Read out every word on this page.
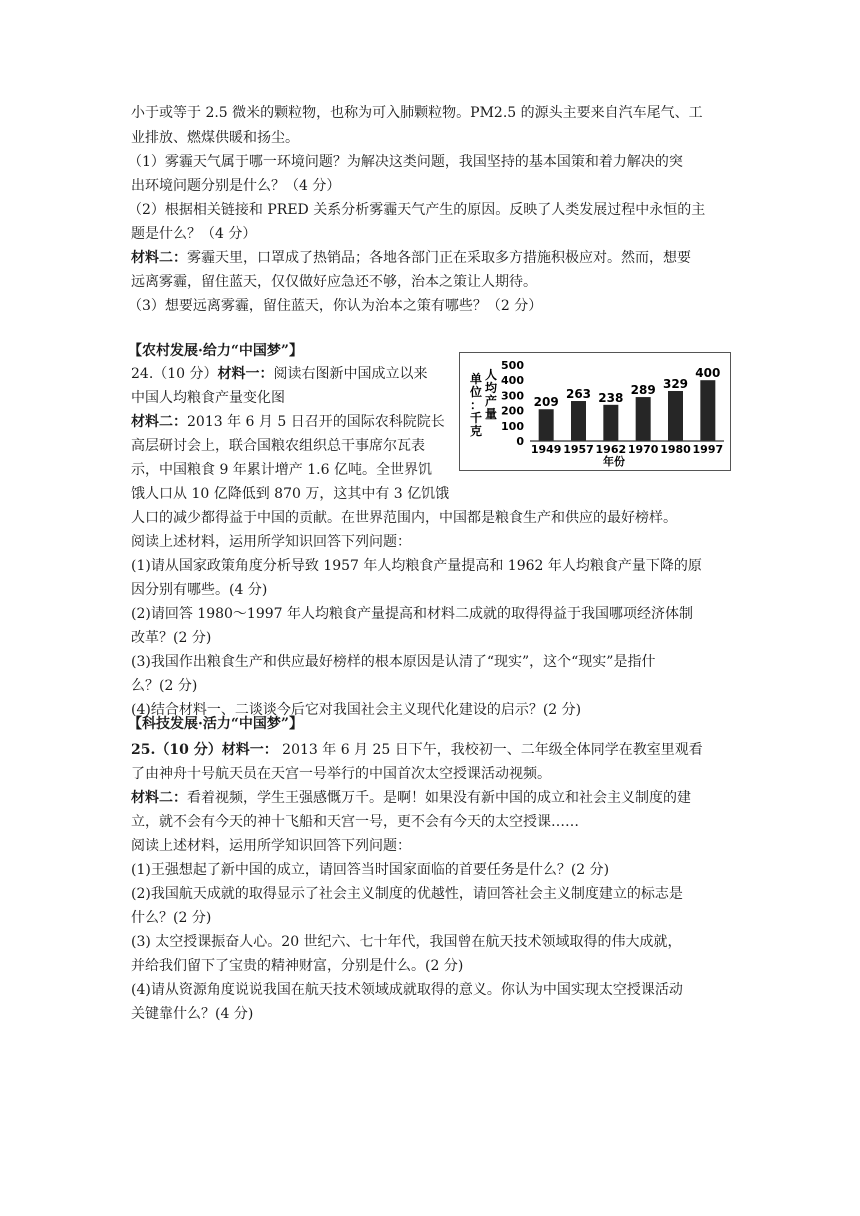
小于或等于 2.5 微米的颗粒物，也称为可入肺颗粒物。PM2.5 的源头主要来自汽车尾气、工
业排放、燃煤供暖和扬尘。
（1）雾霾天气属于哪一环境问题？为解决这类问题，我国坚持的基本国策和着力解决的突
出环境问题分别是什么？（4 分）
（2）根据相关链接和 PRED 关系分析雾霾天气产生的原因。反映了人类发展过程中永恒的主
题是什么？（4 分）
材料二：雾霾天里，口罩成了热销品；各地各部门正在采取多方措施积极应对。然而，想要
远离雾霾，留住蓝天，仅仅做好应急还不够，治本之策让人期待。
（3）想要远离雾霾，留住蓝天，你认为治本之策有哪些？（2 分）
【农村发展·给力“中国梦”】
24.（10 分）材料一：阅读右图新中国成立以来
中国人均粮食产量变化图
材料二：2013 年 6 月 5 日召开的国际农科院院长
高层研讨会上，联合国粮农组织总干事席尔瓦表
示，中国粮食 9 年累计增产 1.6 亿吨。全世界饥
饿人口从 10 亿降低到 870 万，这其中有 3 亿饥饿
人口的减少都得益于中国的贡献。在世界范围内，中国都是粮食生产和供应的最好榜样。
阅读上述材料，运用所学知识回答下列问题：
(1)请从国家政策角度分析导致 1957 年人均粮食产量提高和 1962 年人均粮食产量下降的原
因分别有哪些。(4 分)
(2)请回答 1980～1997 年人均粮食产量提高和材料二成就的取得得益于我国哪项经济体制
改革？(2 分)
(3)我国作出粮食生产和供应最好榜样的根本原因是认清了“现实”，这个“现实”是指什
么？(2 分)
(4)结合材料一、二谈谈今后它对我国社会主义现代化建设的启示？(2 分)
单位：千克
人均产量
0
100
200
300
400
500
209
1949
263
1957
238
1962
289
1970
329
1980
400
1997
年份
【科技发展·活力“中国梦”】
25.（10 分）材料一： 2013 年 6 月 25 日下午，我校初一、二年级全体同学在教室里观看
了由神舟十号航天员在天宫一号举行的中国首次太空授课活动视频。
材料二：看着视频，学生王强感慨万千。是啊！如果没有新中国的成立和社会主义制度的建
立，就不会有今天的神十飞船和天宫一号，更不会有今天的太空授课……
阅读上述材料，运用所学知识回答下列问题：
(1)王强想起了新中国的成立，请回答当时国家面临的首要任务是什么？(2 分)
(2)我国航天成就的取得显示了社会主义制度的优越性，请回答社会主义制度建立的标志是
什么？(2 分)
(3) 太空授课振奋人心。20 世纪六、七十年代，我国曾在航天技术领域取得的伟大成就，
并给我们留下了宝贵的精神财富，分别是什么。(2 分)
(4)请从资源角度说说我国在航天技术领域成就取得的意义。你认为中国实现太空授课活动
关键靠什么？(4 分)
